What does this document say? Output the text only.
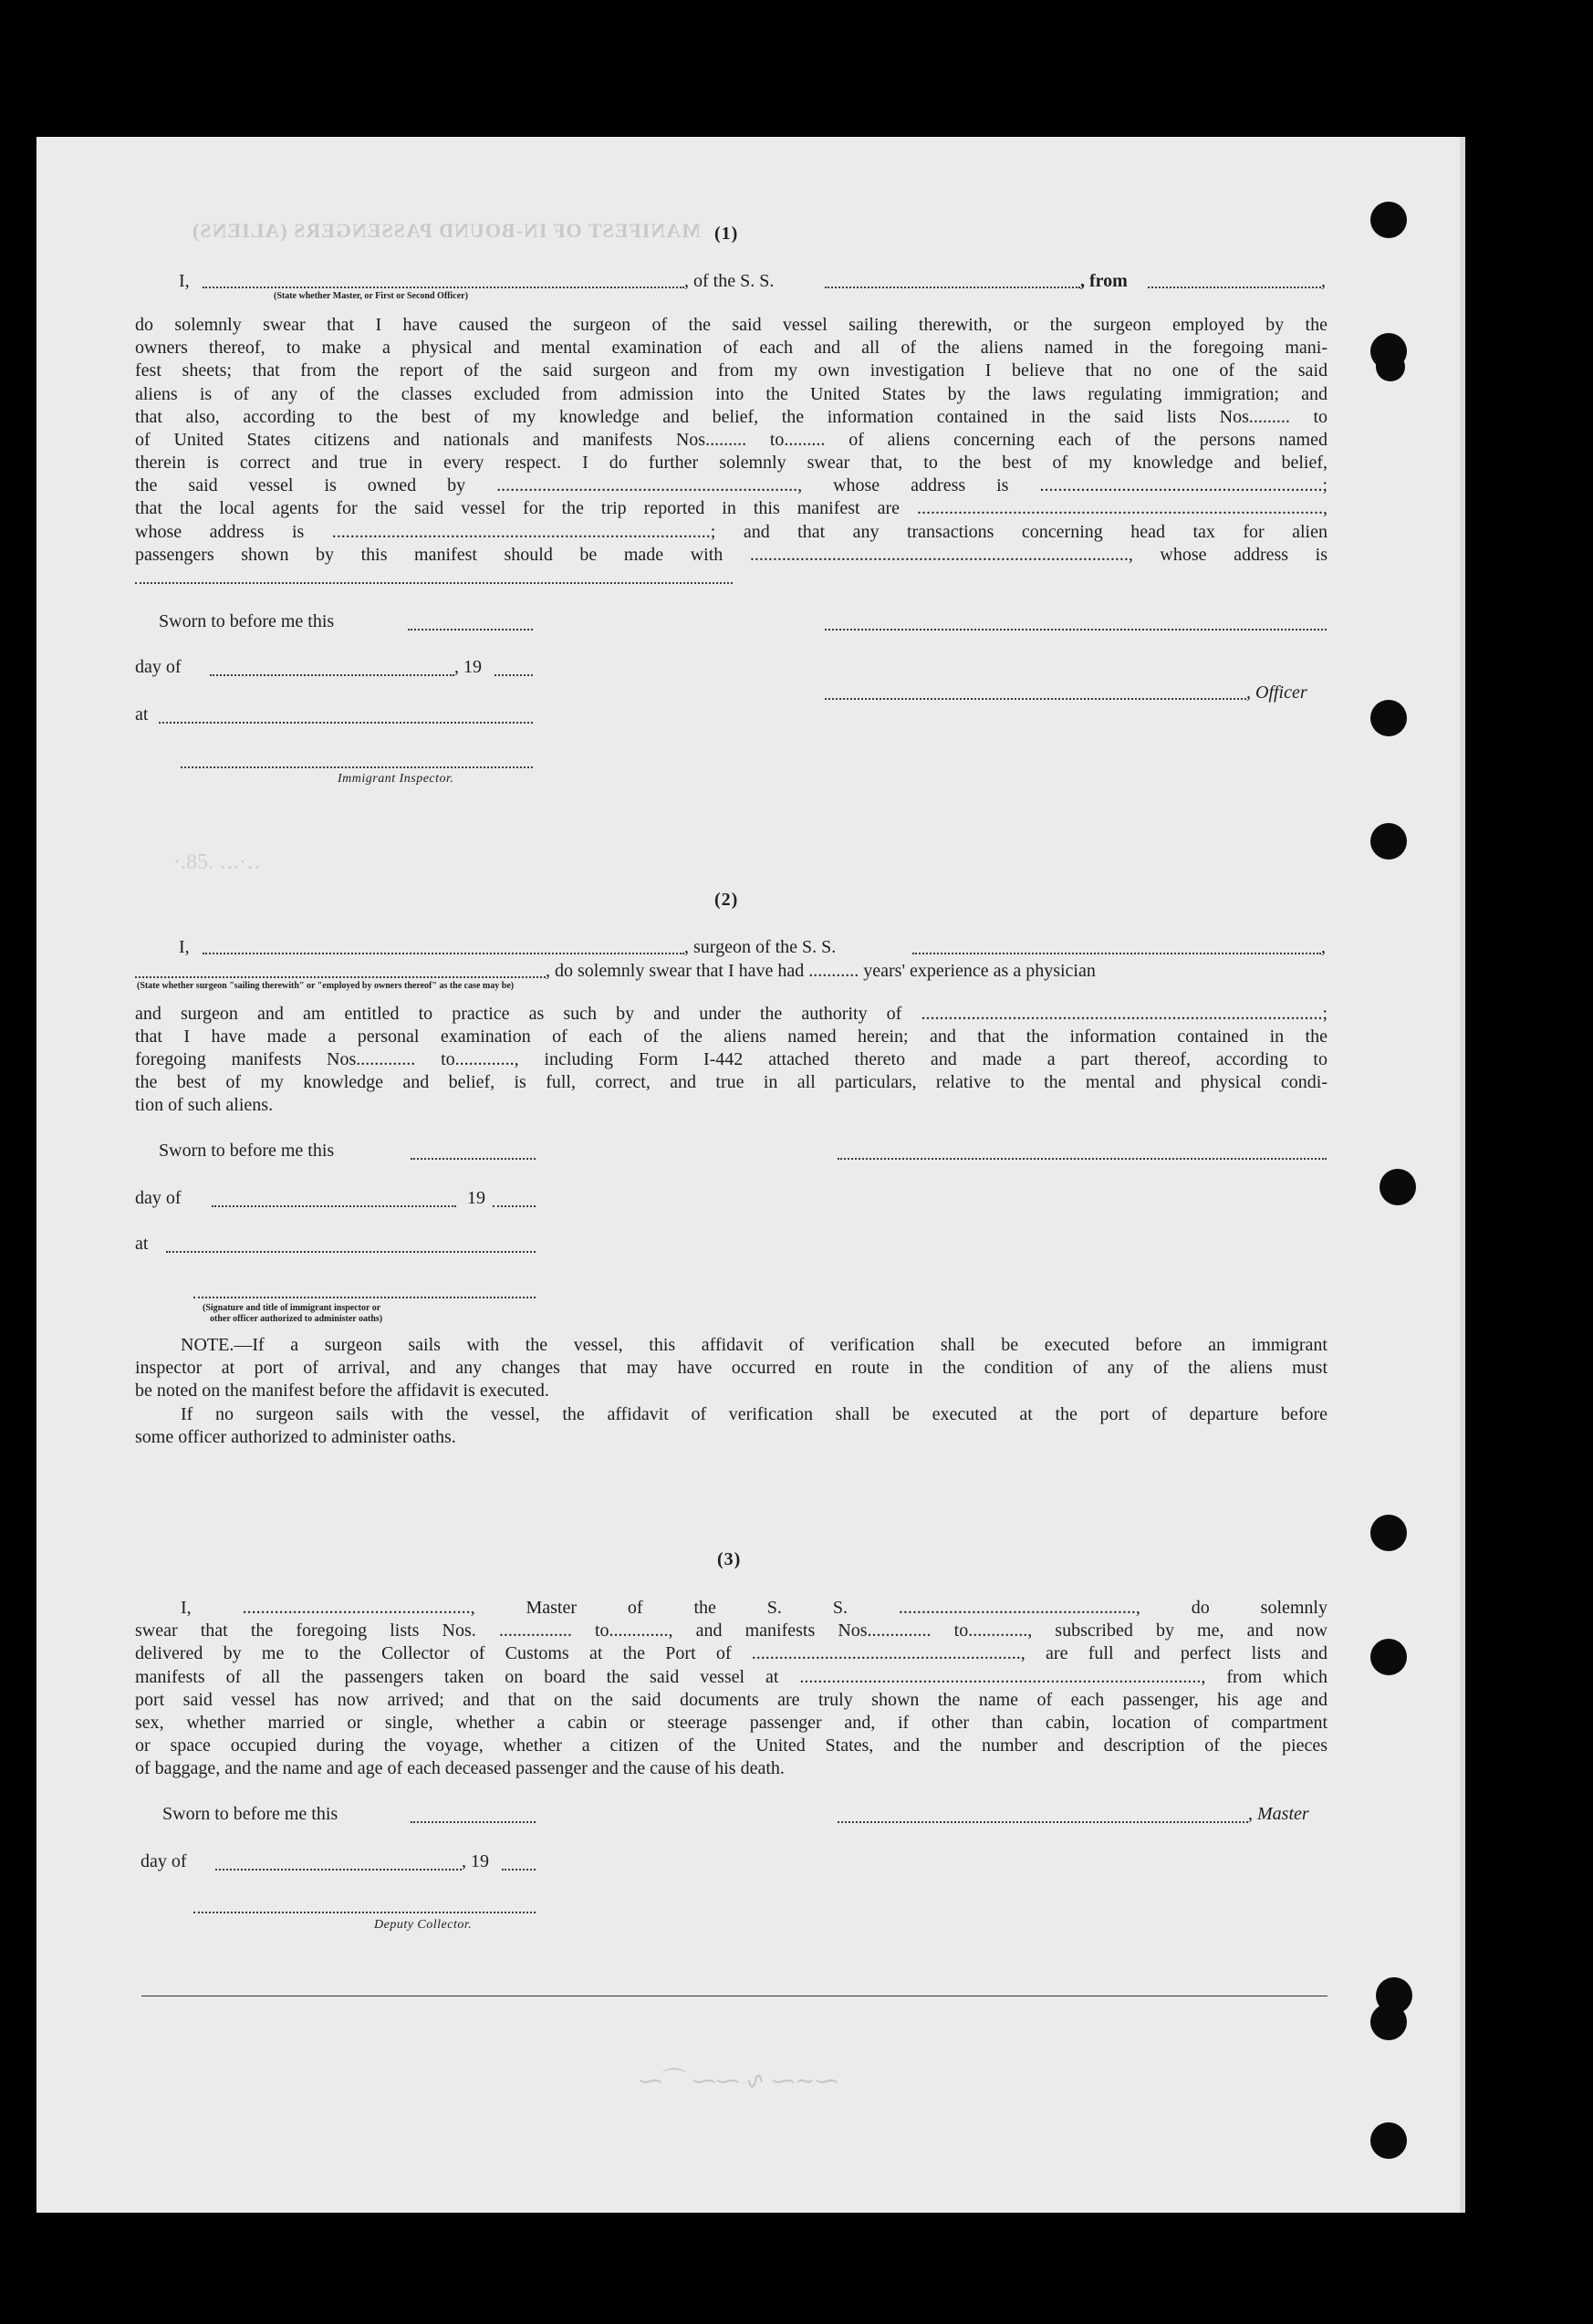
MANIFEST OF IN-BOUND PASSENGERS (ALIENS) (1)
I,	, of the S. S.	, from	,
(State whether Master, or First or Second Officer)
do solemnly swear that I have caused the surgeon of the said vessel sailing therewith, or the surgeon employed by the
owners thereof, to make a physical and mental examination of each and all of the aliens named in the foregoing mani-
fest sheets; that from the report of the said surgeon and from my own investigation I believe that no one of the said
aliens is of any of the classes excluded from admission into the United States by the laws regulating immigration; and
that also, according to the best of my knowledge and belief, the information contained in the said lists Nos......... to
of United States citizens and nationals and manifests Nos......... to......... of aliens concerning each of the persons named
therein is correct and true in every respect. I do further solemnly swear that, to the best of my knowledge and belief,
the said vessel is owned by .................................................................., whose address is ..............................................................;
that the local agents for the said vessel for the trip reported in this manifest are .........................................................................................,
whose address is ...................................................................................; and that any transactions concerning head tax for alien
passengers shown by this manifest should be made with ..................................................................................., whose address is
Sworn to before me this
day of	, 19
, Officer
at
Immigrant Inspector.
·.85. ‥.·‥
(2)
I,	, surgeon of the S. S.	,
, do solemnly swear that I have had ........... years' experience as a physician
(State whether surgeon "sailing therewith" or "employed by owners thereof" as the case may be)
and surgeon and am entitled to practice as such by and under the authority of ........................................................................................;
that I have made a personal examination of each of the aliens named herein; and that the information contained in the
foregoing manifests Nos............. to............., including Form I-442 attached thereto and made a part thereof, according to
the best of my knowledge and belief, is full, correct, and true in all particulars, relative to the mental and physical condi-
tion of such aliens.
Sworn to before me this
day of	19
at
(Signature and title of immigrant inspector or
other officer authorized to administer oaths)
NOTE.—If a surgeon sails with the vessel, this affidavit of verification shall be executed before an immigrant
inspector at port of arrival, and any changes that may have occurred en route in the condition of any of the aliens must
be noted on the manifest before the affidavit is executed.
If no surgeon sails with the vessel, the affidavit of verification shall be executed at the port of departure before
some officer authorized to administer oaths.
(3)
I, .................................................., Master of the S. S. ...................................................., do solemnly
swear that the foregoing lists Nos. ................ to............., and manifests Nos.............. to............., subscribed by me, and now
delivered by me to the Collector of Customs at the Port of ..........................................................., are full and perfect lists and
manifests of all the passengers taken on board the said vessel at ........................................................................................, from which
port said vessel has now arrived; and that on the said documents are truly shown the name of each passenger, his age and
sex, whether married or single, whether a cabin or steerage passenger and, if other than cabin, location of compartment
or space occupied during the voyage, whether a citizen of the United States, and the number and description of the pieces
of baggage, and the name and age of each deceased passenger and the cause of his death.
Sworn to before me this	, Master
day of	, 19
Deputy Collector.
⁓∽⁓ ∿ ⁓⁓ ⌒⁓
